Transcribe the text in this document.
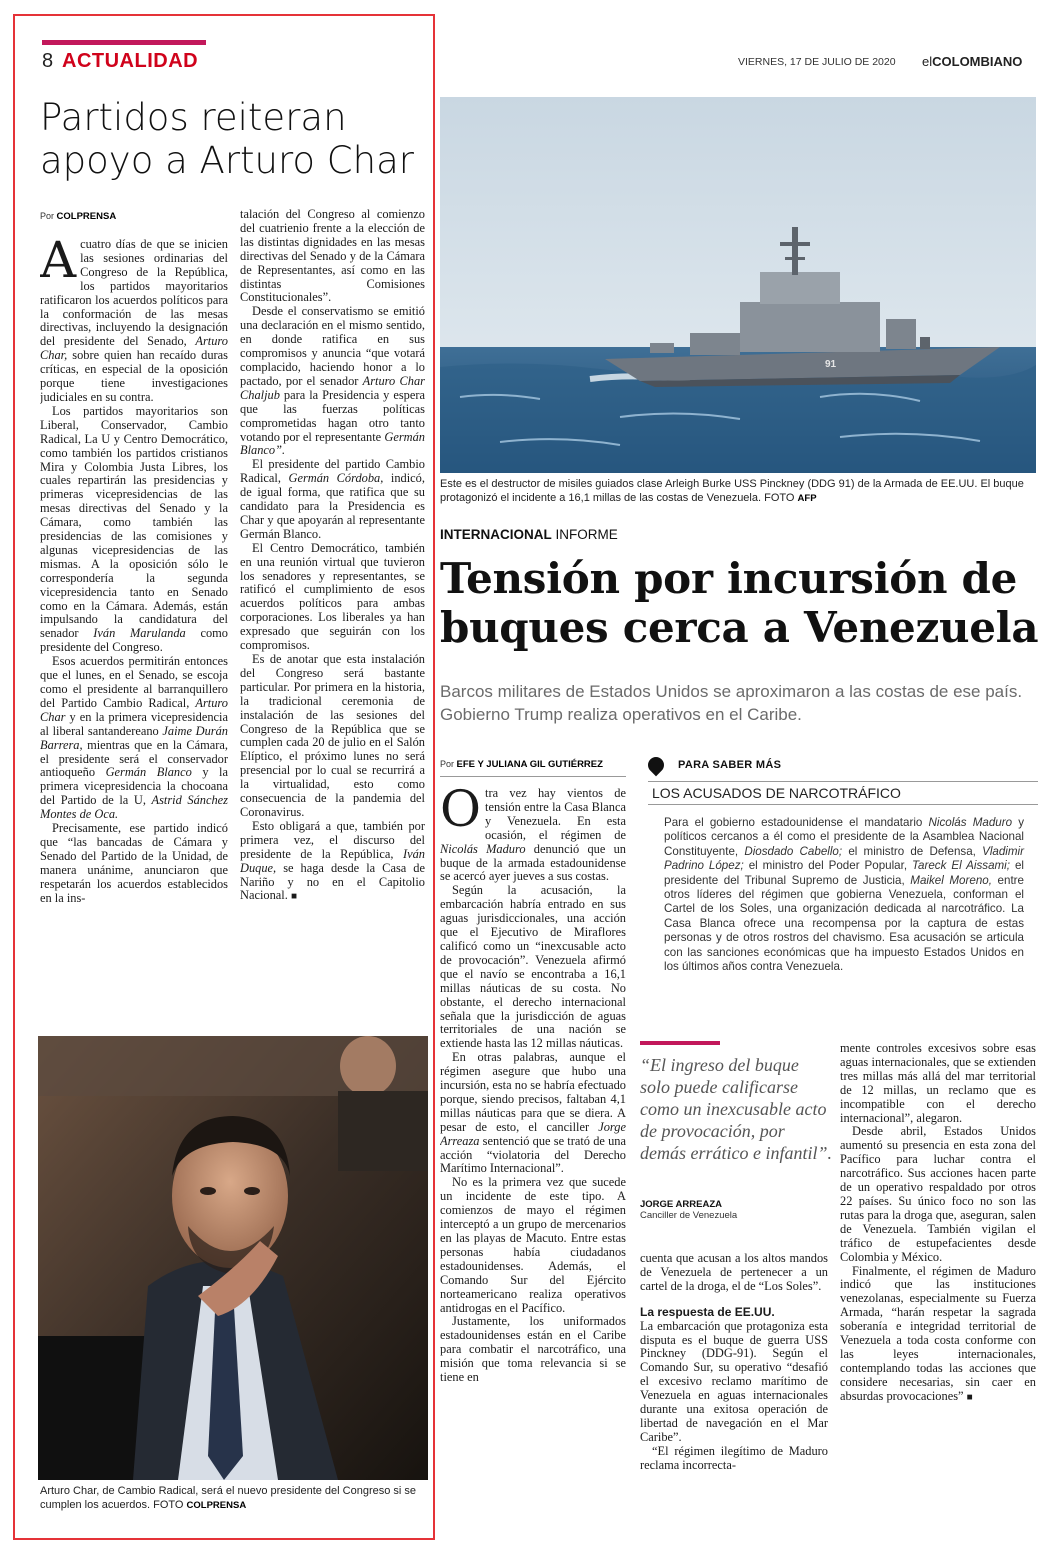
8 ACTUALIDAD	VIERNES, 17 DE JULIO DE 2020 elCOLOMBIANO
Partidos reiteran apoyo a Arturo Char
Por COLPRENSA

Acuatro días de que se inicien las sesiones ordinarias del Congreso de la República, los partidos mayoritarios ratificaron los acuerdos políticos para la conformación de las mesas directivas, incluyendo la designación del presidente del Senado, Arturo Char, sobre quien han recaído duras críticas, en especial de la oposición porque tiene investigaciones judiciales en su contra.

Los partidos mayoritarios son Liberal, Conservador, Cambio Radical, La U y Centro Democrático, como también los partidos cristianos Mira y Colombia Justa Libres, los cuales repartirán las presidencias y primeras vicepresidencias de las mesas directivas del Senado y la Cámara, como también las presidencias de las comisiones y algunas vicepresidencias de las mismas. A la oposición sólo le correspondería la segunda vicepresidencia tanto en Senado como en la Cámara. Además, están impulsando la candidatura del senador Iván Marulanda como presidente del Congreso.

Esos acuerdos permitirán entonces que el lunes, en el Senado, se escoja como el presidente al barranquillero del Partido Cambio Radical, Arturo Char y en la primera vicepresidencia al liberal santandereano Jaime Durán Barrera, mientras que en la Cámara, el presidente será el conservador antioqueño Germán Blanco y la primera vicepresidencia la chocoana del Partido de la U, Astrid Sánchez Montes de Oca.

Precisamente, ese partido indicó que “las bancadas de Cámara y Senado del Partido de la Unidad, de manera unánime, anunciaron que respetarán los acuerdos establecidos en la ins-

talación del Congreso al comienzo del cuatrienio frente a la elección de las distintas dignidades en las mesas directivas del Senado y de la Cámara de Representantes, así como en las distintas Comisiones Constitucionales”.

Desde el conservatismo se emitió una declaración en el mismo sentido, en donde ratifica en sus compromisos y anuncia “que votará complacido, haciendo honor a lo pactado, por el senador Arturo Char Chaljub para la Presidencia y espera que las fuerzas políticas comprometidas hagan otro tanto votando por el representante Germán Blanco”.

El presidente del partido Cambio Radical, Germán Córdoba, indicó, de igual forma, que ratifica que su candidato para la Presidencia es Char y que apoyarán al representante Germán Blanco.

El Centro Democrático, también en una reunión virtual que tuvieron los senadores y representantes, se ratificó el cumplimiento de esos acuerdos políticos para ambas corporaciones. Los liberales ya han expresado que seguirán con los compromisos.

Es de anotar que esta instalación del Congreso será bastante particular. Por primera en la historia, la tradicional ceremonia de instalación de las sesiones del Congreso de la República que se cumplen cada 20 de julio en el Salón Elíptico, el próximo lunes no será presencial por lo cual se recurrirá a la virtualidad, esto como consecuencia de la pandemia del Coronavirus.

Esto obligará a que, también por primera vez, el discurso del presidente de la República, Iván Duque, se haga desde la Casa de Nariño y no en el Capitolio Nacional. ■

Arturo Char, de Cambio Radical, será el nuevo presidente del Congreso si se cumplen los acuerdos. FOTO COLPRENSA
91
Este es el destructor de misiles guiados clase Arleigh Burke USS Pinckney (DDG 91) de la Armada de EE.UU. El buque protagonizó el incidente a 16,1 millas de las costas de Venezuela. FOTO AFP
INTERNACIONAL INFORME
Tensión por incursión de buques cerca a Venezuela
Barcos militares de Estados Unidos se aproximaron a las costas de ese país. Gobierno Trump realiza operativos en el Caribe.
Por EFE Y JULIANA GIL GUTIÉRREZ

Otra vez hay vientos de tensión entre la Casa Blanca y Venezuela. En esta ocasión, el régimen de Nicolás Maduro denunció que un buque de la armada estadounidense se acercó ayer jueves a sus costas.

Según la acusación, la embarcación habría entrado en sus aguas jurisdiccionales, una acción que el Ejecutivo de Miraflores calificó como un “inexcusable acto de provocación”. Venezuela afirmó que el navío se encontraba a 16,1 millas náuticas de su costa. No obstante, el derecho internacional señala que la jurisdicción de aguas territoriales de una nación se extiende hasta las 12 millas náuticas.

En otras palabras, aunque el régimen asegure que hubo una incursión, esta no se habría efectuado porque, siendo precisos, faltaban 4,1 millas náuticas para que se diera. A pesar de esto, el canciller Jorge Arreaza sentenció que se trató de una acción “violatoria del Derecho Marítimo Internacional”.

No es la primera vez que sucede un incidente de este tipo. A comienzos de mayo el régimen interceptó a un grupo de mercenarios en las playas de Macuto. Entre estas personas había ciudadanos estadounidenses. Además, el Comando Sur del Ejército norteamericano realiza operativos antidrogas en el Pacífico.

Justamente, los uniformados estadounidenses están en el Caribe para combatir el narcotráfico, una misión que toma relevancia si se tiene en

PARA SABER MÁS
LOS ACUSADOS DE NARCOTRÁFICO
Para el gobierno estadounidense el mandatario Nicolás Maduro y políticos cercanos a él como el presidente de la Asamblea Nacional Constituyente, Diosdado Cabello; el ministro de Defensa, Vladimir Padrino López; el ministro del Poder Popular, Tareck El Aissami; el presidente del Tribunal Supremo de Justicia, Maikel Moreno, entre otros líderes del régimen que gobierna Venezuela, conforman el Cartel de los Soles, una organización dedicada al narcotráfico. La Casa Blanca ofrece una recompensa por la captura de estas personas y de otros rostros del chavismo. Esa acusación se articula con las sanciones económicas que ha impuesto Estados Unidos en los últimos años contra Venezuela.
“El ingreso del buque solo puede calificarse como un inexcusable acto de provocación, por demás errático e infantil”.
JORGE ARREAZA
Canciller de Venezuela

cuenta que acusan a los altos mandos de Venezuela de pertenecer a un cartel de la droga, el de “Los Soles”.

La respuesta de EE.UU.

La embarcación que protagoniza esta disputa es el buque de guerra USS Pinckney (DDG-91). Según el Comando Sur, su operativo “desafió el excesivo reclamo marítimo de Venezuela en aguas internacionales durante una exitosa operación de libertad de navegación en el Mar Caribe”.

“El régimen ilegítimo de Maduro reclama incorrecta-

mente controles excesivos sobre esas aguas internacionales, que se extienden tres millas más allá del mar territorial de 12 millas, un reclamo que es incompatible con el derecho internacional”, alegaron.

Desde abril, Estados Unidos aumentó su presencia en esta zona del Pacífico para luchar contra el narcotráfico. Sus acciones hacen parte de un operativo respaldado por otros 22 países. Su único foco no son las rutas para la droga que, aseguran, salen de Venezuela. También vigilan el tráfico de estupefacientes desde Colombia y México.

Finalmente, el régimen de Maduro indicó que las instituciones venezolanas, especialmente su Fuerza Armada, “harán respetar la sagrada soberanía e integridad territorial de Venezuela a toda costa conforme con las leyes internacionales, contemplando todas las acciones que considere necesarias, sin caer en absurdas provocaciones” ■
